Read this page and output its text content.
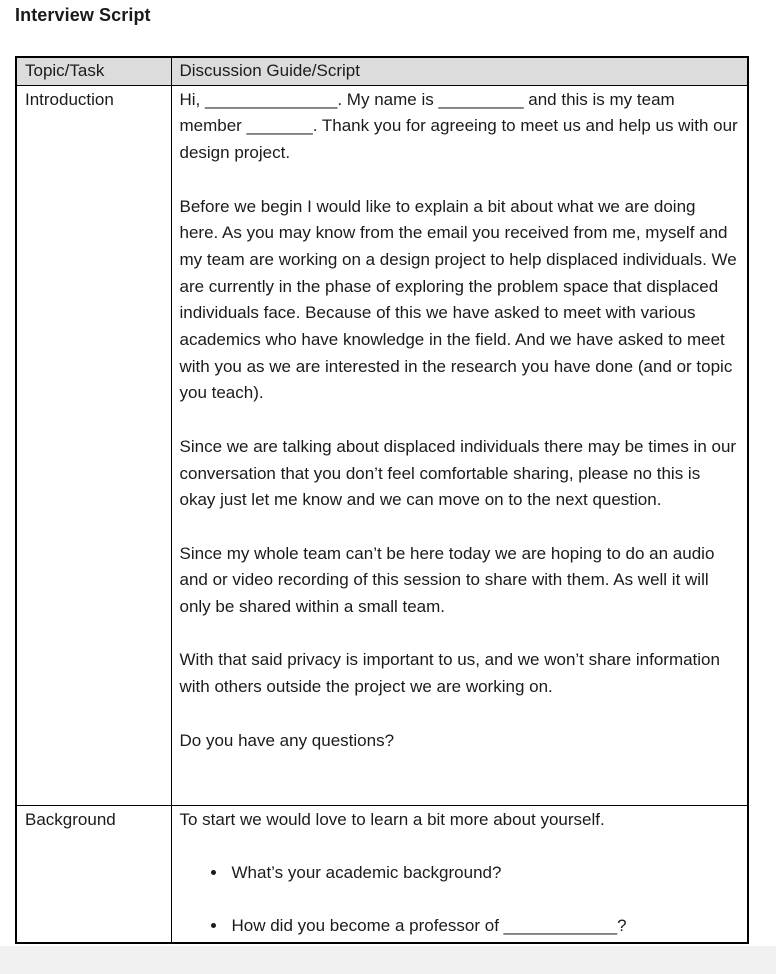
Interview Script
Topic/Task	Discussion Guide/Script
Introduction	Hi, ______________. My name is _________ and this is my team member _______. Thank you for agreeing to meet us and help us with our design project.

Before we begin I would like to explain a bit about what we are doing here. As you may know from the email you received from me, myself and my team are working on a design project to help displaced individuals. We are currently in the phase of exploring the problem space that displaced individuals face. Because of this we have asked to meet with various academics who have knowledge in the field. And we have asked to meet with you as we are interested in the research you have done (and or topic you teach).

Since we are talking about displaced individuals there may be times in our conversation that you don’t feel comfortable sharing, please no this is okay just let me know and we can move on to the next question.

Since my whole team can’t be here today we are hoping to do an audio and or video recording of this session to share with them. As well it will only be shared within a small team.

With that said privacy is important to us, and we won’t share information with others outside the project we are working on.

Do you have any questions?

Background	To start we would love to learn a bit more about yourself.

• What’s your academic background?
• How did you become a professor of ____________?
